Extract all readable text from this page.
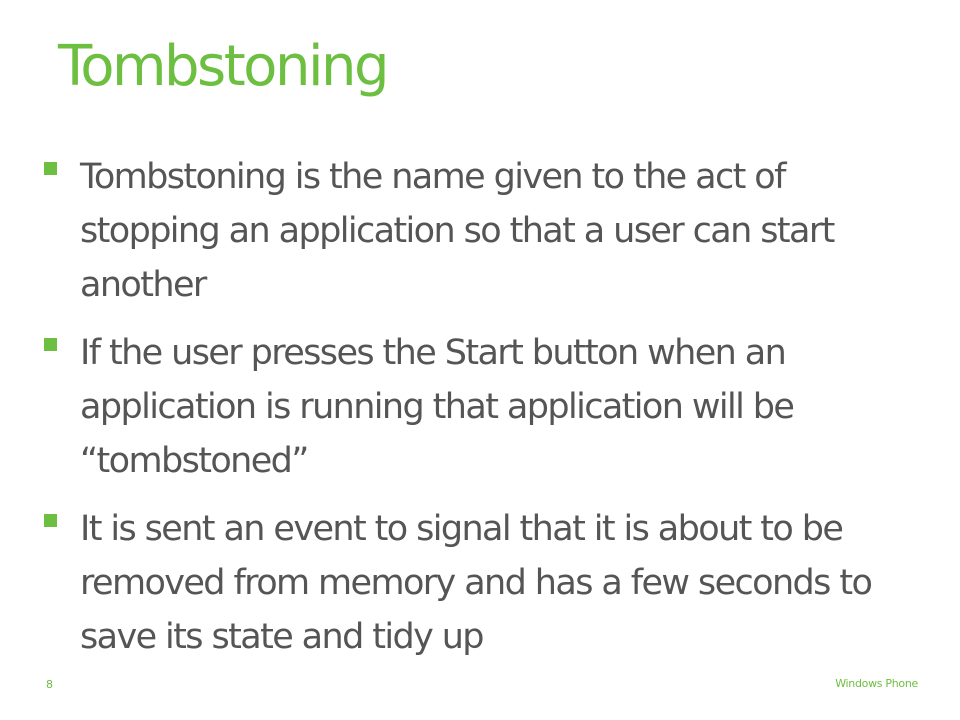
Tombstoning
Tombstoning is the name given to the act of stopping an application so that a user can start another
If the user presses the Start button when an application is running that application will be “tombstoned”
It is sent an event to signal that it is about to be removed from memory and has a few seconds to save its state and tidy up
8	Windows Phone
